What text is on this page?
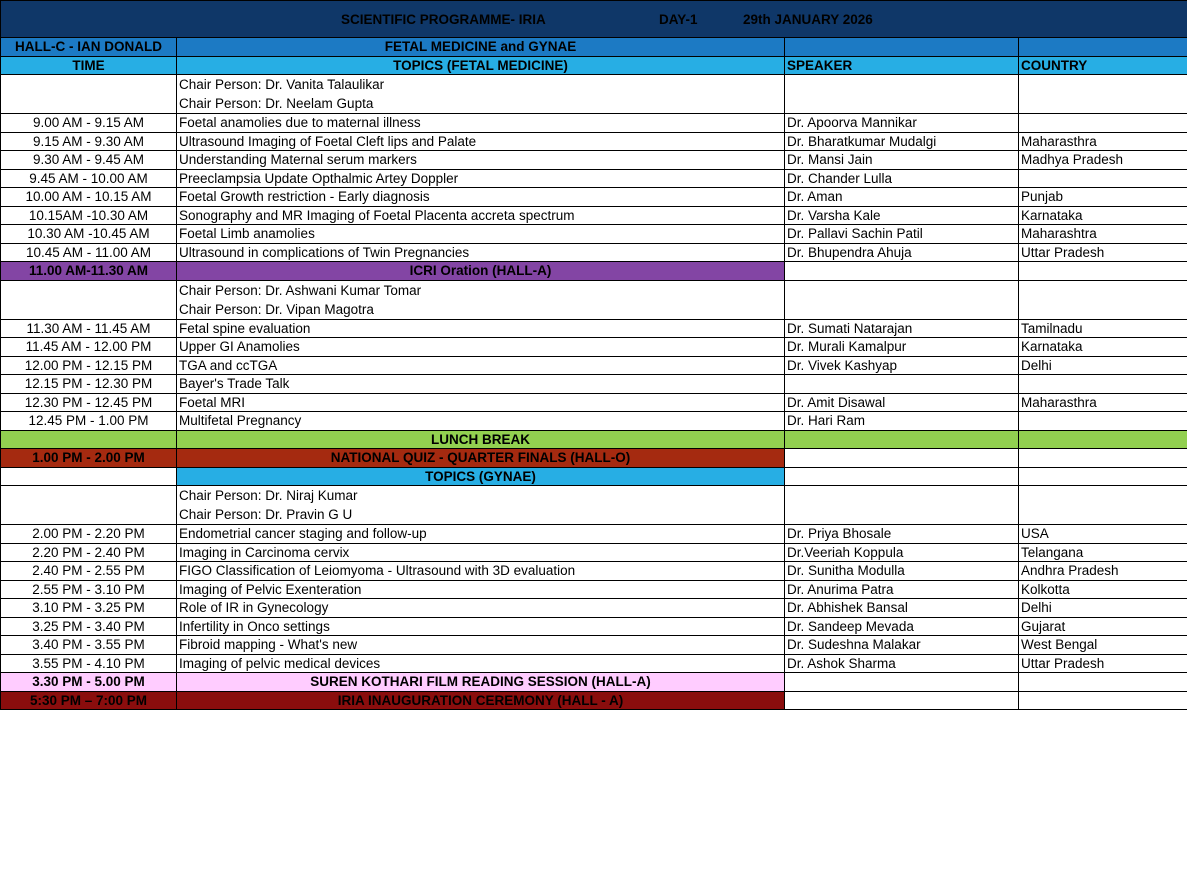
SCIENTIFIC PROGRAMME- IRIA DAY-1 29th JANUARY 2026			

HALL-C - IAN DONALD	FETAL MEDICINE and GYNAE		
TIME	TOPICS (FETAL MEDICINE)	SPEAKER	COUNTRY

	Chair Person: Dr. Vanita Talaulikar
Chair Person: Dr. Neelam Gupta		

9.00 AM - 9.15 AM	Foetal anamolies due to maternal illness	Dr. Apoorva Mannikar	
9.15 AM - 9.30 AM	Ultrasound Imaging of Foetal Cleft lips and Palate	Dr. Bharatkumar Mudalgi	Maharasthra
9.30 AM - 9.45 AM	Understanding Maternal serum markers	Dr. Mansi Jain	Madhya Pradesh
9.45 AM - 10.00 AM	Preeclampsia Update Opthalmic Artey Doppler	Dr. Chander Lulla	
10.00 AM - 10.15 AM	Foetal Growth restriction - Early diagnosis	Dr. Aman	Punjab
10.15AM -10.30 AM	Sonography and MR Imaging of Foetal Placenta accreta spectrum	Dr. Varsha Kale	Karnataka
10.30 AM -10.45 AM	Foetal Limb anamolies	Dr. Pallavi Sachin Patil	Maharashtra
10.45 AM - 11.00 AM	Ultrasound in complications of Twin Pregnancies	Dr. Bhupendra Ahuja	Uttar Pradesh
11.00 AM-11.30 AM	ICRI Oration (HALL-A)		

	Chair Person: Dr. Ashwani Kumar Tomar
Chair Person: Dr. Vipan Magotra		

11.30 AM - 11.45 AM	Fetal spine evaluation	Dr. Sumati Natarajan	Tamilnadu
11.45 AM - 12.00 PM	Upper GI Anamolies	Dr. Murali Kamalpur	Karnataka
12.00 PM - 12.15 PM	TGA and ccTGA	Dr. Vivek Kashyap	Delhi
12.15 PM - 12.30 PM	Bayer's Trade Talk		
12.30 PM - 12.45 PM	Foetal MRI	Dr. Amit Disawal	Maharasthra
12.45 PM - 1.00 PM	Multifetal Pregnancy	Dr. Hari Ram	
	LUNCH BREAK		
1.00 PM - 2.00 PM	NATIONAL QUIZ - QUARTER FINALS (HALL-O)		
	TOPICS (GYNAE)		

	Chair Person: Dr. Niraj Kumar
Chair Person: Dr. Pravin G U		

2.00 PM - 2.20 PM	Endometrial cancer staging and follow-up	Dr. Priya Bhosale	USA
2.20 PM - 2.40 PM	Imaging in Carcinoma cervix	Dr.Veeriah Koppula	Telangana
2.40 PM - 2.55 PM	FIGO Classification of Leiomyoma - Ultrasound with 3D evaluation	Dr. Sunitha Modulla	Andhra Pradesh
2.55 PM - 3.10 PM	Imaging of Pelvic Exenteration	Dr. Anurima Patra	Kolkotta
3.10 PM - 3.25 PM	Role of IR in Gynecology	Dr. Abhishek Bansal	Delhi
3.25 PM - 3.40 PM	Infertility in Onco settings	Dr. Sandeep Mevada	Gujarat
3.40 PM - 3.55 PM	Fibroid mapping - What's new	Dr. Sudeshna Malakar	West Bengal
3.55 PM - 4.10 PM	Imaging of pelvic medical devices	Dr. Ashok Sharma	Uttar Pradesh
3.30 PM - 5.00 PM	SUREN KOTHARI FILM READING SESSION (HALL-A)		
5:30 PM – 7:00 PM	IRIA INAUGURATION CEREMONY (HALL - A)		
